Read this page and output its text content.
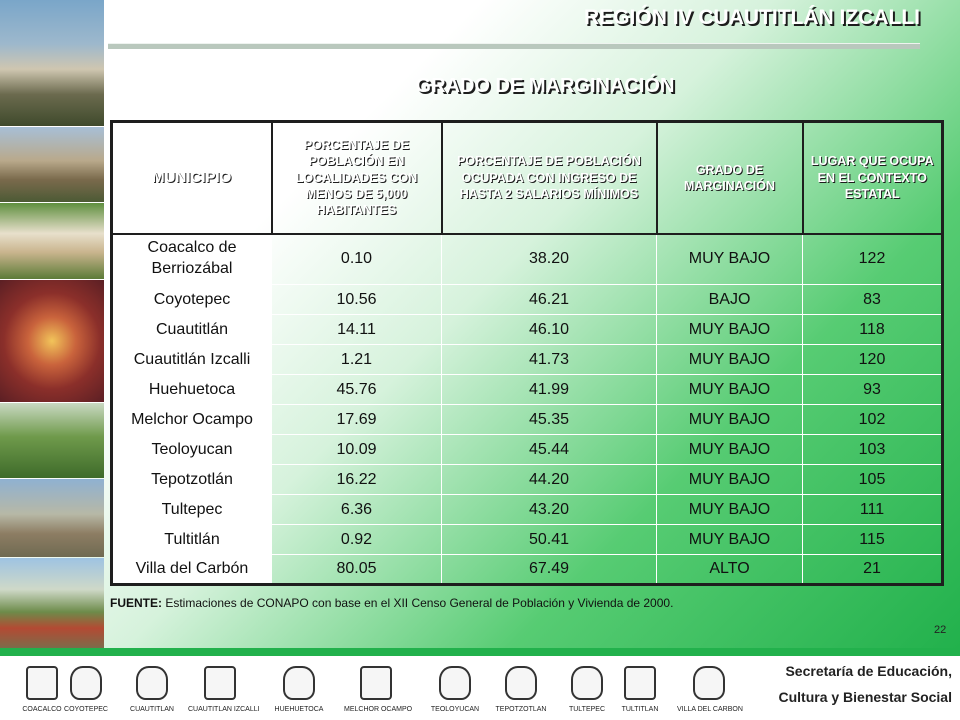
REGIÓN IV CUAUTITLÁN IZCALLI
GRADO DE MARGINACIÓN
MUNICIPIO	PORCENTAJE DE POBLACIÓN EN LOCALIDADES CON MENOS DE 5,000 HABITANTES	PORCENTAJE DE POBLACIÓN OCUPADA CON INGRESO DE HASTA 2 SALARIOS MÍNIMOS	GRADO DE MARGINACIÓN	LUGAR QUE OCUPA EN EL CONTEXTO ESTATAL
Coacalco de Berriozábal	0.10	38.20	MUY BAJO	122
Coyotepec	10.56	46.21	BAJO	83
Cuautitlán	14.11	46.10	MUY BAJO	118
Cuautitlán Izcalli	1.21	41.73	MUY BAJO	120
Huehuetoca	45.76	41.99	MUY BAJO	93
Melchor Ocampo	17.69	45.35	MUY BAJO	102
Teoloyucan	10.09	45.44	MUY BAJO	103
Tepotzotlán	16.22	44.20	MUY BAJO	105
Tultepec	6.36	43.20	MUY BAJO	111
Tultitlán	0.92	50.41	MUY BAJO	115
Villa del Carbón	80.05	67.49	ALTO	21
FUENTE: Estimaciones de CONAPO con base en el XII Censo General de Población y Vivienda de 2000.
22
COACALCO COYOTEPEC	CUAUTITLAN	CUAUTITLAN IZCALLI	HUEHUETOCA	MELCHOR OCAMPO	TEOLOYUCAN	TEPOTZOTLAN	TULTEPEC	TULTITLAN	VILLA DEL CARBON
Secretaría de Educación,
Cultura y Bienestar Social
